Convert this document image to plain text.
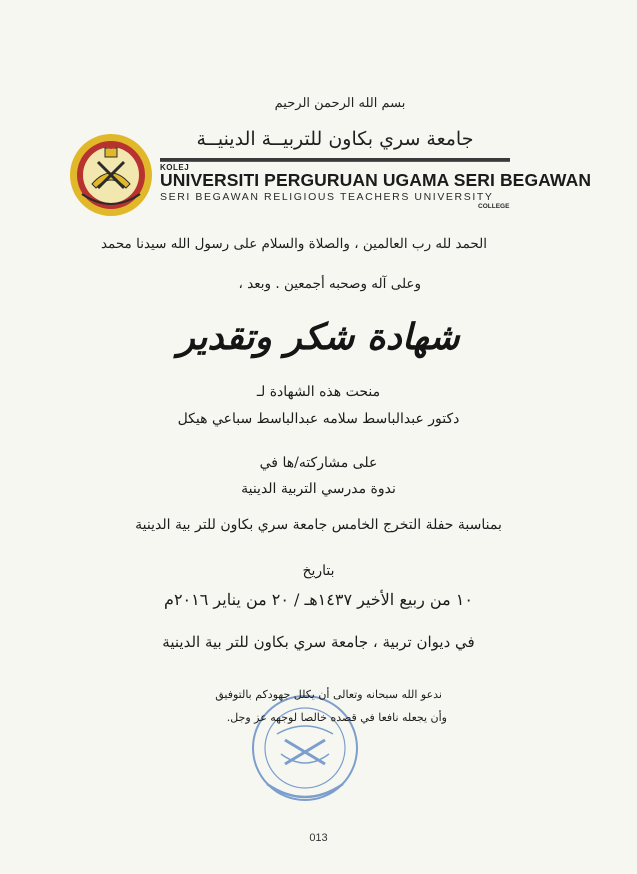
بسم الله الرحمن الرحيم
جامعة سري بكاون للتربيــة الدينيــة
KOLEJ
UNIVERSITI PERGURUAN UGAMA SERI BEGAWAN
SERI BEGAWAN RELIGIOUS TEACHERS UNIVERSITY
COLLEGE
الحمد لله رب العالمين ، والصلاة والسلام على رسول الله سيدنا محمد
وعلى آله وصحبه أجمعين . وبعد ،
شهادة شكر وتقدير
منحت هذه الشهادة لـ
دكتور عبدالباسط سلامه عبدالباسط سباعي هيكل
على مشاركته/ها في
ندوة مدرسي التربية الدينية
بمناسبة حفلة التخرج الخامس جامعة سري بكاون للتر بية الدينية
بتاريخ
١٠ من ربيع الأخير ١٤٣٧هـ / ٢٠ من يناير ٢٠١٦م
في ديوان تربية ، جامعة سري بكاون للتر بية الدينية
ندعو الله سبحانه وتعالى أن يكلل جهودكم بالتوفيق
وأن يجعله نافعا في قصده خالصا لوجهه عز وجل.
013
